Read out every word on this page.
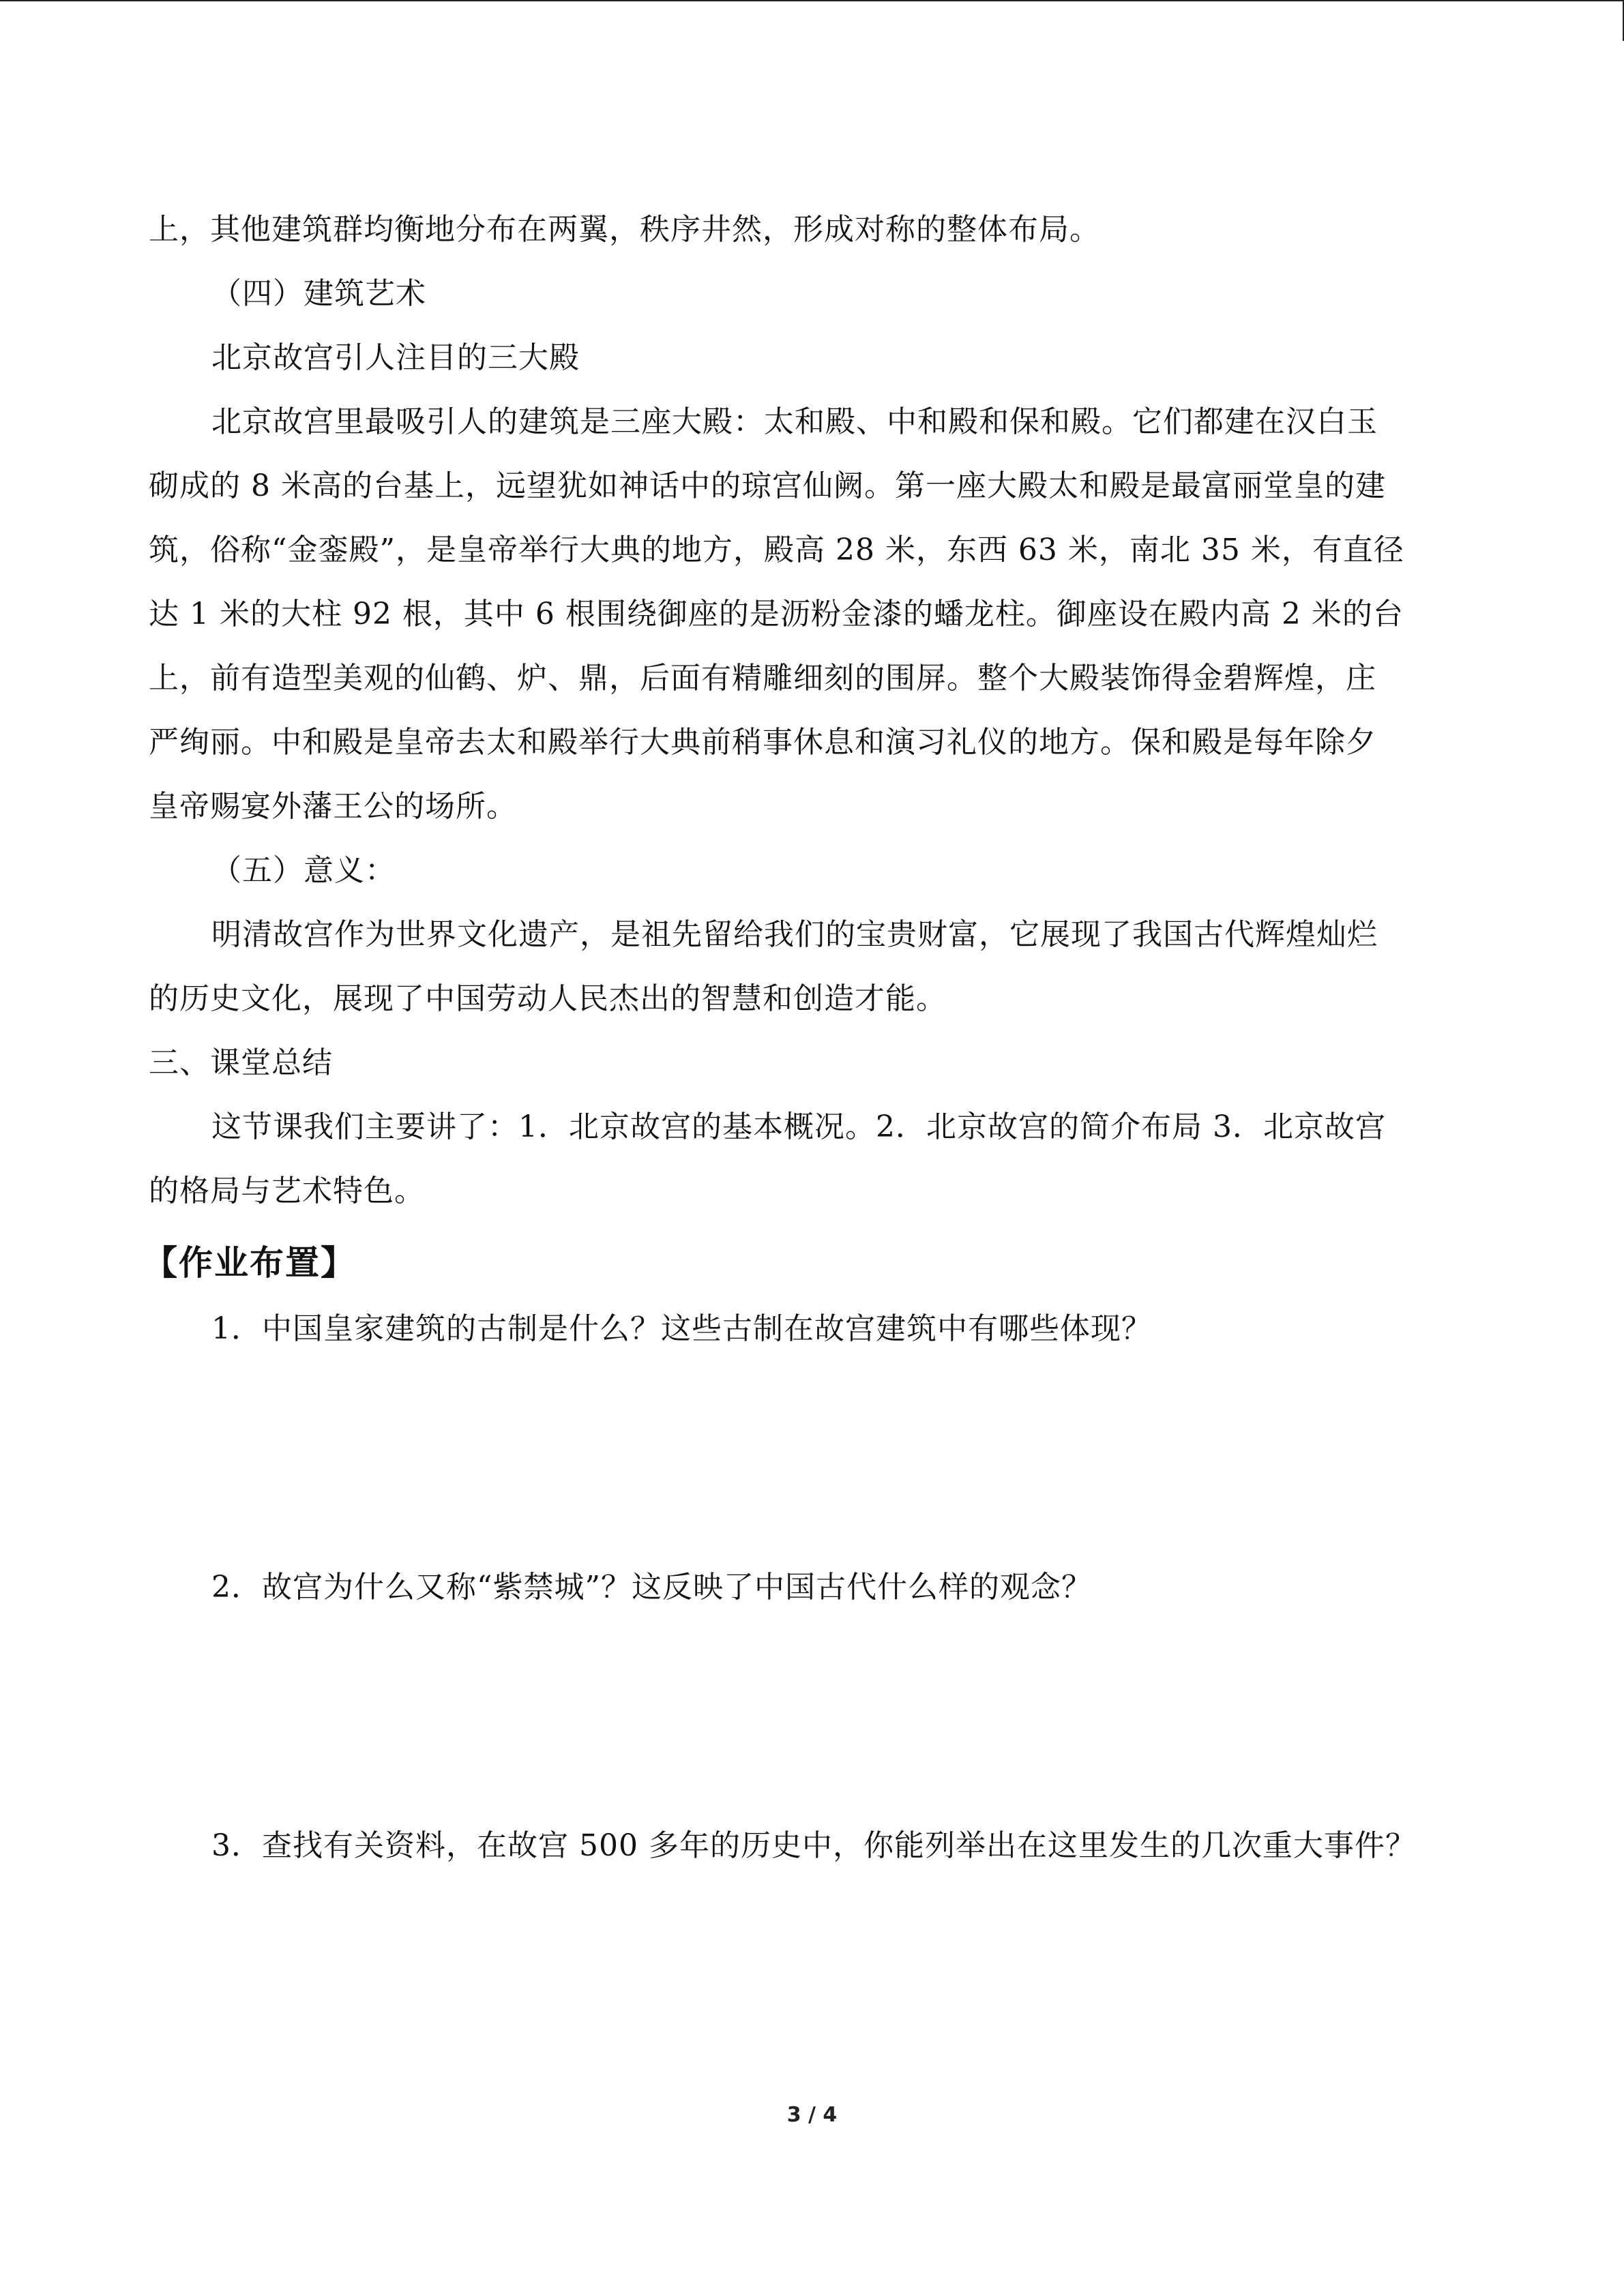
上，其他建筑群均衡地分布在两翼，秩序井然，形成对称的整体布局。
（四）建筑艺术
北京故宫引人注目的三大殿
北京故宫里最吸引人的建筑是三座大殿：太和殿、中和殿和保和殿。它们都建在汉白玉
砌成的 8 米高的台基上，远望犹如神话中的琼宫仙阙。第一座大殿太和殿是最富丽堂皇的建
筑，俗称“金銮殿”，是皇帝举行大典的地方，殿高 28 米，东西 63 米，南北 35 米，有直径
达 1 米的大柱 92 根，其中 6 根围绕御座的是沥粉金漆的蟠龙柱。御座设在殿内高 2 米的台
上，前有造型美观的仙鹤、炉、鼎，后面有精雕细刻的围屏。整个大殿装饰得金碧辉煌，庄
严绚丽。中和殿是皇帝去太和殿举行大典前稍事休息和演习礼仪的地方。保和殿是每年除夕
皇帝赐宴外藩王公的场所。
（五）意义：
明清故宫作为世界文化遗产，是祖先留给我们的宝贵财富，它展现了我国古代辉煌灿烂
的历史文化，展现了中国劳动人民杰出的智慧和创造才能。
三、课堂总结
这节课我们主要讲了：1．北京故宫的基本概况。2．北京故宫的简介布局 3．北京故宫
的格局与艺术特色。
【作业布置】
1．中国皇家建筑的古制是什么？这些古制在故宫建筑中有哪些体现？
2．故宫为什么又称“紫禁城”？这反映了中国古代什么样的观念？
3．查找有关资料，在故宫 500 多年的历史中，你能列举出在这里发生的几次重大事件？
3 / 4
